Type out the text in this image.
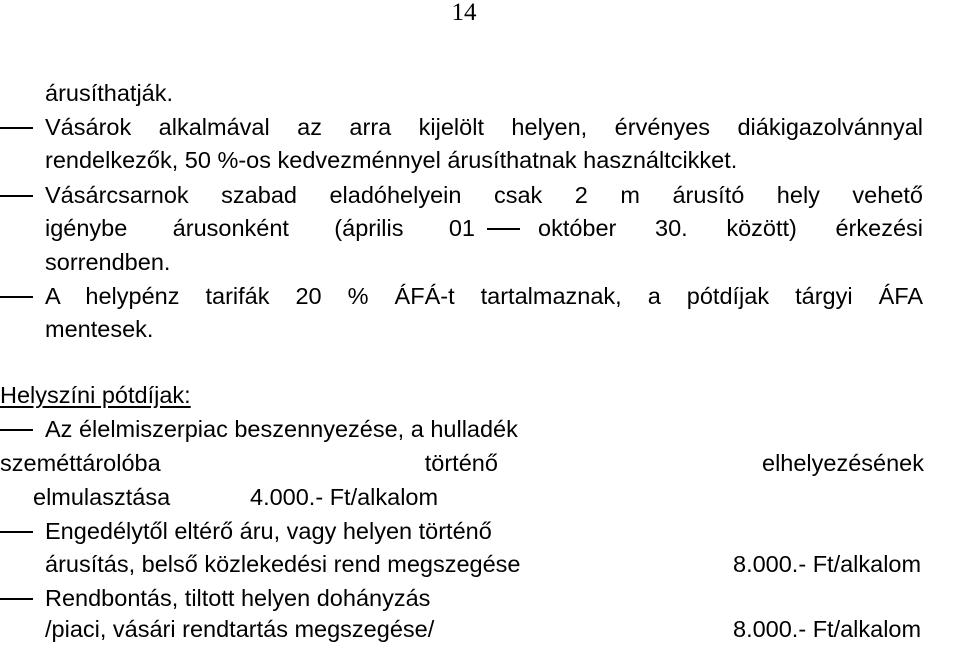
14
árusíthatják.
Vásárok alkalmával az arra kijelölt helyen, érvényes diákigazolvánnyal
rendelkezők, 50 %-os kedvezménnyel árusíthatnak használtcikket.
Vásárcsarnok szabad eladóhelyein csak 2 m árusító hely vehető
igénybe árusonként (április 01	október 30. között) érkezési
sorrendben.
A helypénz tarifák 20 % ÁFÁ-t tartalmaznak, a pótdíjak tárgyi ÁFA
mentesek.
Helyszíni pótdíjak:
Az élelmiszerpiac beszennyezése, a hulladék
szeméttárolóba történő elhelyezésének
elmulasztása	4.000.- Ft/alkalom
Engedélytől eltérő áru, vagy helyen történő
árusítás, belső közlekedési rend megszegése	8.000.- Ft/alkalom
Rendbontás, tiltott helyen dohányzás
/piaci, vásári rendtartás megszegése/	8.000.- Ft/alkalom
